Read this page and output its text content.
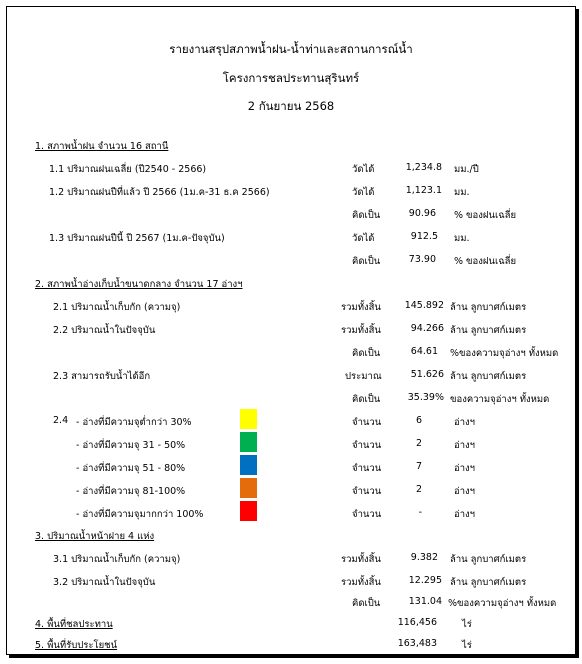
รายงานสรุปสภาพน้ำฝน-น้ำท่าและสถานการณ์น้ำ
โครงการชลประทานสุรินทร์
2 กันยายน 2568
1. สภาพน้ำฝน จำนวน 16 สถานี
1.1 ปริมาณฝนเฉลี่ย (ปี2540 - 2566)	วัดได้	1,234.8 มม./ปี
1.2 ปริมาณฝนปีที่แล้ว ปี 2566 (1ม.ค-31 ธ.ค 2566)	วัดได้	1,123.1 มม.
คิดเป็น	90.96 % ของฝนเฉลี่ย
1.3 ปริมาณฝนปีนี้ ปี 2567 (1ม.ค-ปัจจุบัน)	วัดได้	912.5 มม.
คิดเป็น	73.90 % ของฝนเฉลี่ย
2. สภาพน้ำอ่างเก็บน้ำขนาดกลาง จำนวน 17 อ่างฯ
2.1 ปริมาณน้ำเก็บกัก (ความจุ)	รวมทั้งสิ้น	145.892 ล้าน ลูกบาศก์เมตร
2.2 ปริมาณน้ำในปัจจุบัน	รวมทั้งสิ้น	94.266 ล้าน ลูกบาศก์เมตร
คิดเป็น	64.61 %ของความจุอ่างฯ ทั้งหมด
2.3 สามารถรับน้ำได้อีก	ประมาณ	51.626 ล้าน ลูกบาศก์เมตร
คิดเป็น	35.39% ของความจุอ่างฯ ทั้งหมด
2.4 - อ่างที่มีความจุต่ำกว่า 30%	จำนวน	6	อ่างฯ
- อ่างที่มีความจุ 31 - 50%	จำนวน	2	อ่างฯ
- อ่างที่มีความจุ 51 - 80%	จำนวน	7	อ่างฯ
- อ่างที่มีความจุ 81-100%	จำนวน	2	อ่างฯ
- อ่างที่มีความจุมากกว่า 100%	จำนวน	-	อ่างฯ
3. ปริมาณน้ำหน้าฝาย 4 แห่ง
3.1 ปริมาณน้ำเก็บกัก (ความจุ)	รวมทั้งสิ้น	9.382 ล้าน ลูกบาศก์เมตร
3.2 ปริมาณน้ำในปัจจุบัน	รวมทั้งสิ้น	12.295 ล้าน ลูกบาศก์เมตร
คิดเป็น	131.04 %ของความจุอ่างฯ ทั้งหมด
4. พื้นที่ชลประทาน	116,456	ไร่
5. พื้นที่รับประโยชน์	163,483	ไร่
